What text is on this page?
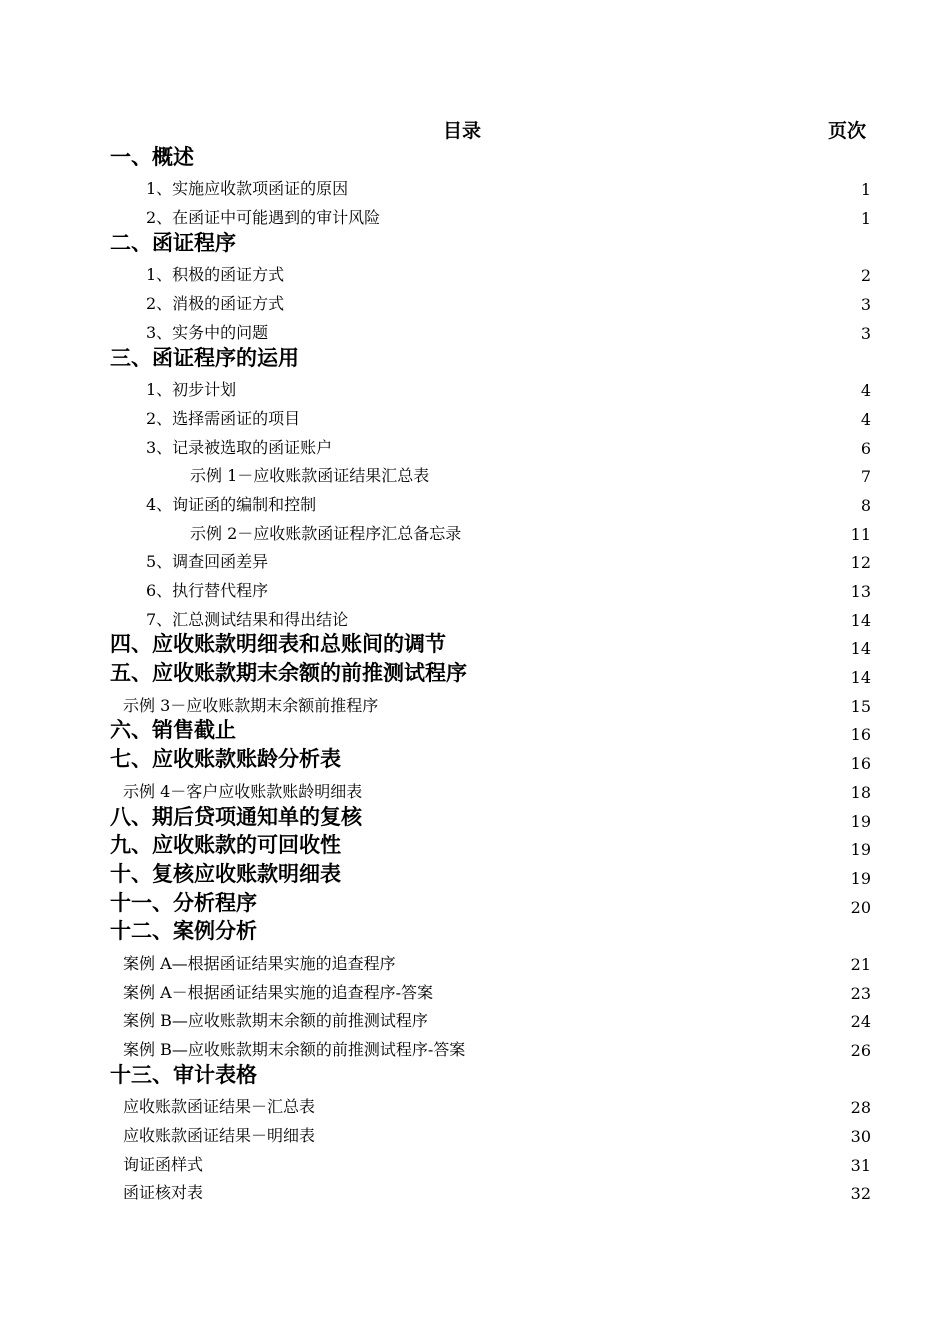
目录	页次
一、概述
1、实施应收款项函证的原因	1
2、在函证中可能遇到的审计风险	1
二、函证程序
1、积极的函证方式	2
2、消极的函证方式	3
3、实务中的问题	3
三、函证程序的运用
1、初步计划	4
2、选择需函证的项目	4
3、记录被选取的函证账户	6
示例 1－应收账款函证结果汇总表	7
4、询证函的编制和控制	8
示例 2－应收账款函证程序汇总备忘录	11
5、调查回函差异	12
6、执行替代程序	13
7、汇总测试结果和得出结论	14
四、应收账款明细表和总账间的调节	14
五、应收账款期末余额的前推测试程序	14
示例 3－应收账款期末余额前推程序	15
六、销售截止	16
七、应收账款账龄分析表	16
示例 4－客户应收账款账龄明细表	18
八、期后贷项通知单的复核	19
九、应收账款的可回收性	19
十、复核应收账款明细表	19
十一、分析程序	20
十二、案例分析
案例 A—根据函证结果实施的追查程序	21
案例 A－根据函证结果实施的追查程序-答案	23
案例 B—应收账款期末余额的前推测试程序	24
案例 B—应收账款期末余额的前推测试程序-答案	26
十三、审计表格
应收账款函证结果－汇总表	28
应收账款函证结果－明细表	30
询证函样式	31
函证核对表	32
